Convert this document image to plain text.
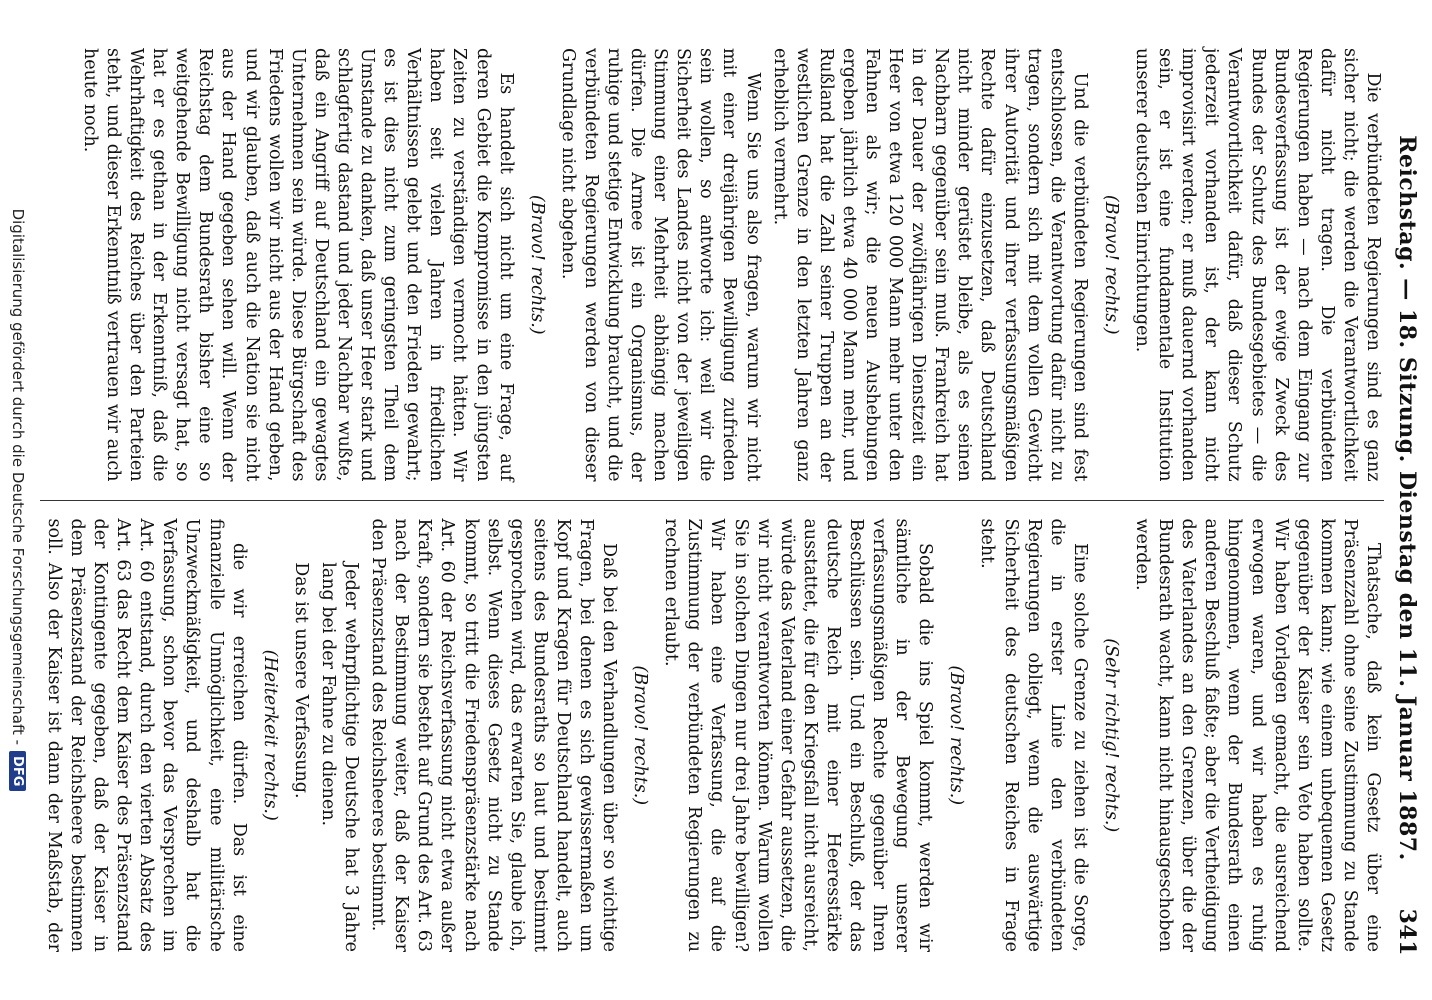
Reichstag. — 18. Sitzung. Dienstag den 11. Januar 1887.
341

Die verbündeten Regierungen sind es ganz sicher nicht; die werden die Verantwortlichkeit dafür nicht tragen. Die verbündeten Regierungen haben — nach dem Eingang zur Bundesverfassung ist der ewige Zweck des Bundes der Schutz des Bundesgebietes — die Verantwortlichkeit dafür, daß dieser Schutz jederzeit vorhanden ist, der kann nicht improvisirt werden; er muß dauernd vorhanden sein, er ist eine fundamentale Institution unserer deutschen Einrichtungen.

(Bravo! rechts.)

Und die verbündeten Regierungen sind fest entschlossen, die Verantwortung dafür nicht zu tragen, sondern sich mit dem vollen Gewicht ihrer Autorität und ihrer verfassungsmäßigen Rechte dafür einzusetzen, daß Deutschland nicht minder gerüstet bleibe, als es seinen Nachbarn gegenüber sein muß. Frankreich hat in der Dauer der zwölfjährigen Dienstzeit ein Heer von etwa 120 000 Mann mehr unter den Fahnen als wir; die neuen Aushebungen ergeben jährlich etwa 40 000 Mann mehr, und Rußland hat die Zahl seiner Truppen an der westlichen Grenze in den letzten Jahren ganz erheblich vermehrt.

Wenn Sie uns also fragen, warum wir nicht mit einer dreijährigen Bewilligung zufrieden sein wollen, so antworte ich: weil wir die Sicherheit des Landes nicht von der jeweiligen Stimmung einer Mehrheit abhängig machen dürfen. Die Armee ist ein Organismus, der ruhige und stetige Entwicklung braucht, und die verbündeten Regierungen werden von dieser Grundlage nicht abgehen.

(Bravo! rechts.)

Es handelt sich nicht um eine Frage, auf deren Gebiet die Kompromisse in den jüngsten Zeiten zu verständigen vermocht hätten. Wir haben seit vielen Jahren in friedlichen Verhältnissen gelebt und den Frieden gewahrt; es ist dies nicht zum geringsten Theil dem Umstande zu danken, daß unser Heer stark und schlagfertig dastand und jeder Nachbar wußte, daß ein Angriff auf Deutschland ein gewagtes Unternehmen sein würde. Diese Bürgschaft des Friedens wollen wir nicht aus der Hand geben, und wir glauben, daß auch die Nation sie nicht aus der Hand gegeben sehen will. Wenn der Reichstag dem Bundesrath bisher eine so weitgehende Bewilligung nicht versagt hat, so hat er es gethan in der Erkenntniß, daß die Wehrhaftigkeit des Reiches über den Parteien steht, und dieser Erkenntniß vertrauen wir auch heute noch.

Thatsache, daß kein Gesetz über eine Präsenzzahl ohne seine Zustimmung zu Stande kommen kann; wie einem unbequemen Gesetz gegenüber der Kaiser sein Veto haben sollte. Wir haben Vorlagen gemacht, die ausreichend erwogen waren, und wir haben es ruhig hingenommen, wenn der Bundesrath einen anderen Beschluß faßte; aber die Vertheidigung des Vaterlandes an den Grenzen, über die der Bundesrath wacht, kann nicht hinausgeschoben werden.

(Sehr richtig! rechts.)

Eine solche Grenze zu ziehen ist die Sorge, die in erster Linie den verbündeten Regierungen obliegt, wenn die auswärtige Sicherheit des deutschen Reiches in Frage steht.

(Bravo! rechts.)

Sobald die ins Spiel kommt, werden wir sämtliche in der Bewegung unserer verfassungsmäßigen Rechte gegenüber Ihren Beschlüssen sein. Und ein Beschluß, der das deutsche Reich mit einer Heeresstärke ausstattet, die für den Kriegsfall nicht ausreicht, würde das Vaterland einer Gefahr aussetzen, die wir nicht verantworten können. Warum wollen Sie in solchen Dingen nur drei Jahre bewilligen? Wir haben eine Verfassung, die auf die Zustimmung der verbündeten Regierungen zu rechnen erlaubt.

(Bravo! rechts.)

Daß bei den Verhandlungen über so wichtige Fragen, bei denen es sich gewissermaßen um Kopf und Kragen für Deutschland handelt, auch seitens des Bundesraths so laut und bestimmt gesprochen wird, das erwarten Sie, glaube ich, selbst. Wenn dieses Gesetz nicht zu Stande kommt, so tritt die Friedenspräsenzstärke nach Art. 60 der Reichsverfassung nicht etwa außer Kraft, sondern sie besteht auf Grund des Art. 63 nach der Bestimmung weiter, daß der Kaiser den Präsenzstand des Reichsheeres bestimmt.

Jeder wehrpflichtige Deutsche hat 3 Jahre lang bei der Fahne zu dienen.

Das ist unsere Verfassung.

(Heiterkeit rechts.)

die wir erreichen dürfen. Das ist eine finanzielle Unmöglichkeit, eine militärische Unzweckmäßigkeit, und deshalb hat die Verfassung, schon bevor das Versprechen im Art. 60 entstand, durch den vierten Absatz des Art. 63 das Recht dem Kaiser des Präsenzstand der Kontingente gegeben, daß der Kaiser in dem Präsenzstand der Reichsheere bestimmen soll. Also der Kaiser ist dann der Maßstab, der

Digitalisierung gefördert durch die Deutsche Forschungsgemeinschaft -
DFG
